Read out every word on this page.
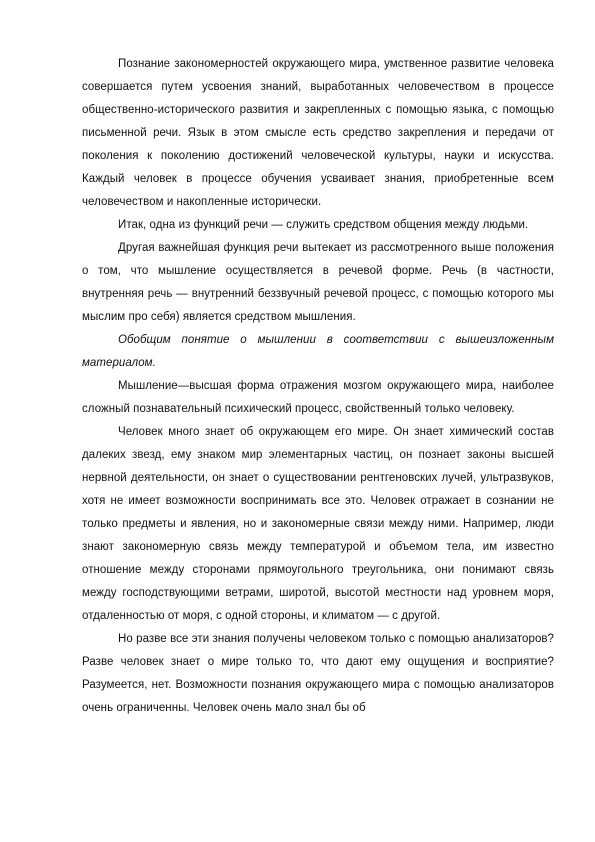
Познание закономерностей окружающего мира, умственное развитие человека совершается путем усвоения знаний, выработанных человечеством в процессе общественно-исторического развития и закрепленных с помощью языка, с помощью письменной речи. Язык в этом смысле есть средство закрепления и передачи от поколения к поколению достижений человеческой культуры, науки и искусства. Каждый человек в процессе обучения усваивает знания, приобретенные всем человечеством и накопленные исторически.

Итак, одна из функций речи — служить средством общения между людьми.

Другая важнейшая функция речи вытекает из рассмотренного выше положения о том, что мышление осуществляется в речевой форме. Речь (в частности, внутренняя речь — внутренний беззвучный речевой процесс, с помощью которого мы мыслим про себя) является средством мышления.

Обобщим понятие о мышлении в соответствии с вышеизложенным материалом.

Мышление—высшая форма отражения мозгом окружающего мира, наиболее сложный познавательный психический процесс, свойственный только человеку.

Человек много знает об окружающем его мире. Он знает химический состав далеких звезд, ему знаком мир элементарных частиц, он познает законы высшей нервной деятельности, он знает о существовании рентгеновских лучей, ультразвуков, хотя не имеет возможности воспринимать все это. Человек отражает в сознании не только предметы и явления, но и закономерные связи между ними. Например, люди знают закономерную связь между температурой и объемом тела, им известно отношение между сторонами прямоугольного треугольника, они понимают связь между господствующими ветрами, широтой, высотой местности над уровнем моря, отдаленностью от моря, с одной стороны, и климатом — с другой.

Но разве все эти знания получены человеком только с помощью анализаторов? Разве человек знает о мире только то, что дают ему ощущения и восприятие? Разумеется, нет. Возможности познания окружающего мира с помощью анализаторов очень ограниченны. Человек очень мало знал бы об
